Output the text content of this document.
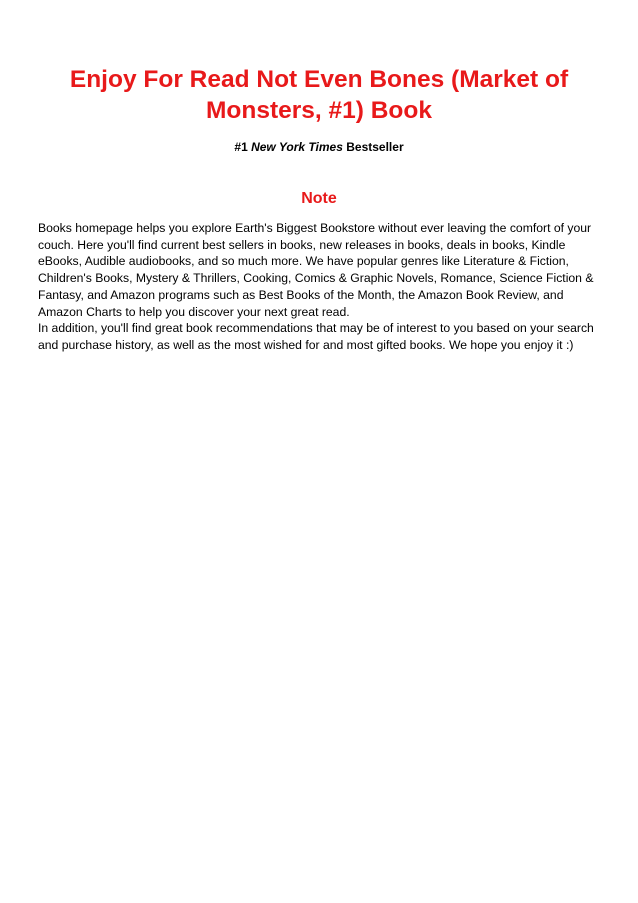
Enjoy For Read Not Even Bones (Market of Monsters, #1) Book
#1 New York Times Bestseller
Note

Books homepage helps you explore Earth's Biggest Bookstore without ever leaving the comfort of your couch. Here you'll find current best sellers in books, new releases in books, deals in books, Kindle eBooks, Audible audiobooks, and so much more. We have popular genres like Literature & Fiction, Children's Books, Mystery & Thrillers, Cooking, Comics & Graphic Novels, Romance, Science Fiction & Fantasy, and Amazon programs such as Best Books of the Month, the Amazon Book Review, and Amazon Charts to help you discover your next great read.

In addition, you'll find great book recommendations that may be of interest to you based on your search and purchase history, as well as the most wished for and most gifted books. We hope you enjoy it :)
